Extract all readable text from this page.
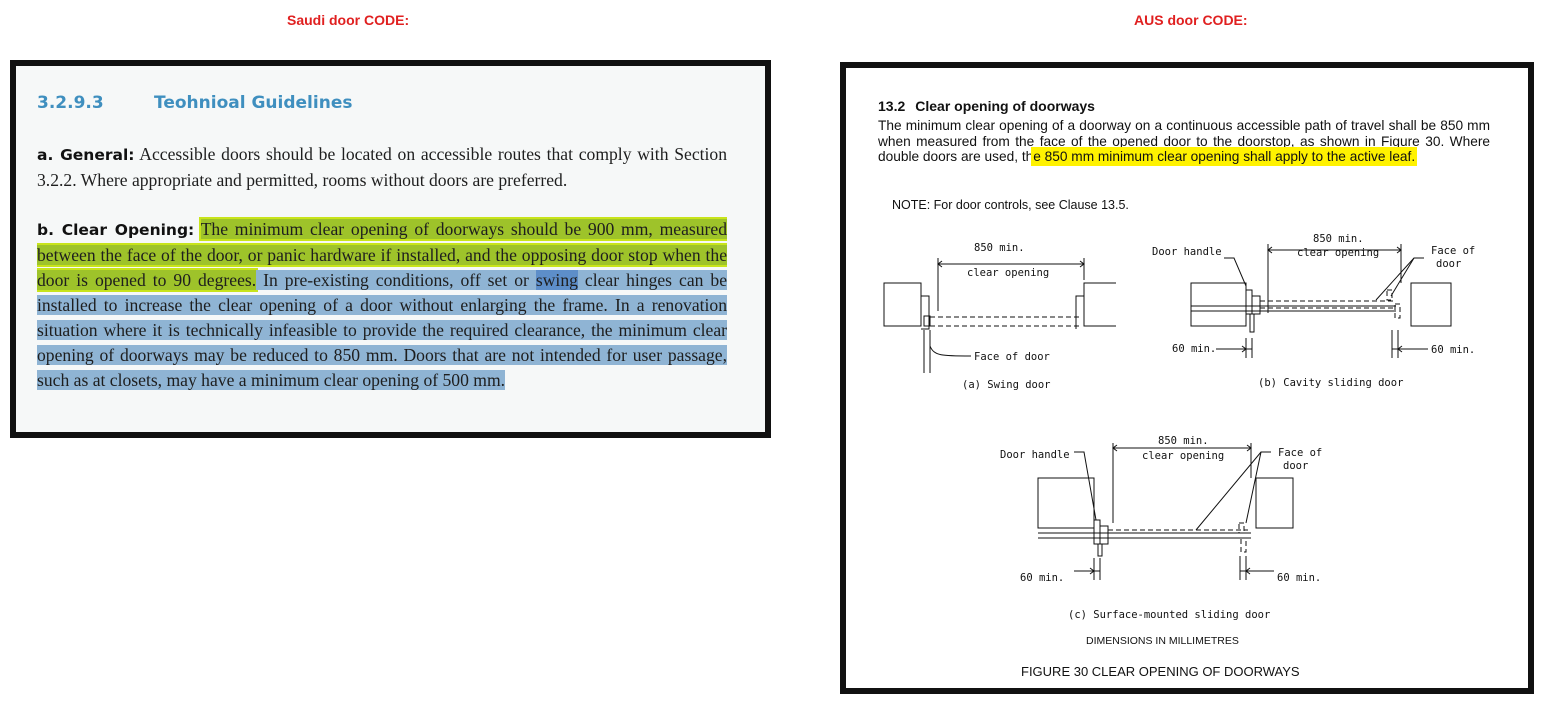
Saudi door CODE:	AUS door CODE:
3.2.9.3	Teohnioal Guidelines

a. General: Accessible doors should be located on accessible routes that comply with Section 3.2.2. Where appropriate and permitted, rooms without doors are preferred.

b. Clear Opening: The minimum clear opening of doorways should be 900 mm, measured between the face of the door, or panic hardware if installed, and the opposing door stop when the door is opened to 90 degrees. In pre-existing conditions, off set or swing clear hinges can be installed to increase the clear opening of a door without enlarging the frame. In a renovation situation where it is technically infeasible to provide the required clearance, the minimum clear opening of doorways may be reduced to 850 mm. Doors that are not intended for user passage, such as at closets, may have a minimum clear opening of 500 mm.

13.2 Clear opening of doorways

The minimum clear opening of a doorway on a continuous accessible path of travel shall be 850 mm when measured from the face of the opened door to the doorstop, as shown in Figure 30. Where double doors are used, the 850 mm minimum clear opening shall apply to the active leaf.

NOTE: For door controls, see Clause 13.5.
850 min.
clear opening
Face of door
(a) Swing door
Door handle
850 min.
clear opening	Face of
door
60 min.	60 min.
(b) Cavity sliding door
Door handle
850 min.
clear opening	Face of
door
60 min.	60 min.
(c) Surface-mounted sliding door
DIMENSIONS IN MILLIMETRES
FIGURE 30 CLEAR OPENING OF DOORWAYS
